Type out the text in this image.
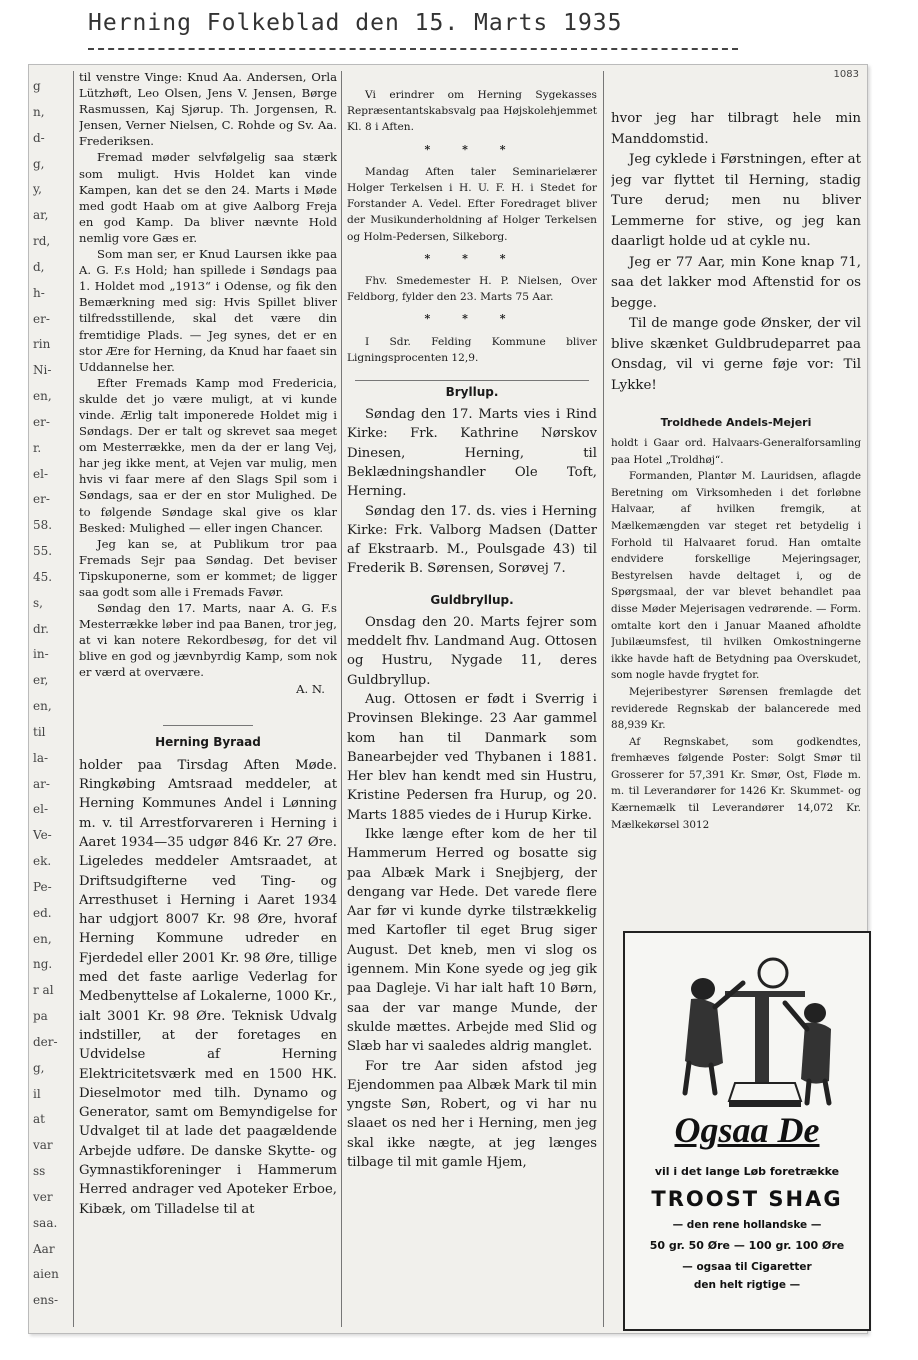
Herning Folkeblad den 15. Marts 1935
g
n,
d-
g,
y,
ar,
rd,
d,
h-
er-
rin
Ni-
en,
er-
r.
el-
er-
58.
55.
45.
s,
dr.
in-
er,
en,
til
la-
ar-
el-
Ve-
ek.
Pe-
ed.
en,
ng.
r al
pa
der-
g,
il
at
var
ss
ver
saa.
Aar
aien
ens-

til venstre Vinge: Knud Aa. Andersen, Orla Lützhøft, Leo Olsen, Jens V. Jensen, Børge Rasmussen, Kaj Sjørup. Th. Jorgensen, R. Jensen, Verner Nielsen, C. Rohde og Sv. Aa. Frederiksen.

Fremad møder selvfølgelig saa stærk som muligt. Hvis Holdet kan vinde Kampen, kan det se den 24. Marts i Møde med godt Haab om at give Aalborg Freja en god Kamp. Da bliver nævnte Hold nemlig vore Gæs er.

Som man ser, er Knud Laursen ikke paa A. G. F.s Hold; han spillede i Søndags paa 1. Holdet mod „1913“ i Odense, og fik den Bemærkning med sig: Hvis Spillet bliver tilfredsstillende, skal det være din fremtidige Plads. — Jeg synes, det er en stor Ære for Herning, da Knud har faaet sin Uddannelse her.

Efter Fremads Kamp mod Fredericia, skulde det jo være muligt, at vi kunde vinde. Ærlig talt imponerede Holdet mig i Søndags. Der er talt og skrevet saa meget om Mesterrække, men da der er lang Vej, har jeg ikke ment, at Vejen var mulig, men hvis vi faar mere af den Slags Spil som i Søndags, saa er der en stor Mulighed. De to følgende Søndage skal give os klar Besked: Mulighed — eller ingen Chancer.

Jeg kan se, at Publikum tror paa Fremads Sejr paa Søndag. Det beviser Tipskuponerne, som er kommet; de ligger saa godt som alle i Fremads Favør.

Søndag den 17. Marts, naar A. G. F.s Mesterrække løber ind paa Banen, tror jeg, at vi kan notere Rekordbesøg, for det vil blive en god og jævnbyrdig Kamp, som nok er værd at overvære.

A. N.
Herning Byraad

holder paa Tirsdag Aften Møde. Ringkøbing Amtsraad meddeler, at Herning Kommunes Andel i Lønning m. v. til Arrestforvareren i Herning i Aaret 1934—35 udgør 846 Kr. 27 Øre. Ligeledes meddeler Amtsraadet, at Driftsudgifterne ved Ting- og Arresthuset i Herning i Aaret 1934 har udgjort 8007 Kr. 98 Øre, hvoraf Herning Kommune udreder en Fjerdedel eller 2001 Kr. 98 Øre, tillige med det faste aarlige Vederlag for Medbenyttelse af Lokalerne, 1000 Kr., ialt 3001 Kr. 98 Øre. Teknisk Udvalg indstiller, at der foretages en Udvidelse af Herning Elektricitetsværk med en 1500 HK. Dieselmotor med tilh. Dynamo og Generator, samt om Bemyndigelse for Udvalget til at lade det paagældende Arbejde udføre. De danske Skytte- og Gymnastikforeninger i Hammerum Herred andrager ved Apoteker Erboe, Kibæk, om Tilladelse til at

Vi erindrer om Herning Sygekasses Repræsentantskabsvalg paa Højskolehjemmet Kl. 8 i Aften.

* * *

Mandag Aften taler Seminarielærer Holger Terkelsen i H. U. F. H. i Stedet for Forstander A. Vedel. Efter Foredraget bliver der Musikunderholdning af Holger Terkelsen og Holm-Pedersen, Silkeborg.

* * *

Fhv. Smedemester H. P. Nielsen, Over Feldborg, fylder den 23. Marts 75 Aar.

* * *

I Sdr. Felding Kommune bliver Ligningsprocenten 12,9.

Bryllup.

Søndag den 17. Marts vies i Rind Kirke: Frk. Kathrine Nørskov Dinesen, Herning, til Beklædningshandler Ole Toft, Herning.

Søndag den 17. ds. vies i Herning Kirke: Frk. Valborg Madsen (Datter af Ekstraarb. M., Poulsgade 43) til Frederik B. Sørensen, Sorøvej 7.

Guldbryllup.

Onsdag den 20. Marts fejrer som meddelt fhv. Landmand Aug. Ottosen og Hustru, Nygade 11, deres Guldbryllup.

Aug. Ottosen er født i Sverrig i Provinsen Blekinge. 23 Aar gammel kom han til Danmark som Banearbejder ved Thybanen i 1881. Her blev han kendt med sin Hustru, Kristine Pedersen fra Hurup, og 20. Marts 1885 viedes de i Hurup Kirke.

Ikke længe efter kom de her til Hammerum Herred og bosatte sig paa Albæk Mark i Snejbjerg, der dengang var Hede. Det varede flere Aar før vi kunde dyrke tilstrækkelig med Kartofler til eget Brug siger August. Det kneb, men vi slog os igennem. Min Kone syede og jeg gik paa Dagleje. Vi har ialt haft 10 Børn, saa der var mange Munde, der skulde mættes. Arbejde med Slid og Slæb har vi saaledes aldrig manglet.

For tre Aar siden afstod jeg Ejendommen paa Albæk Mark til min yngste Søn, Robert, og vi har nu slaaet os ned her i Herning, men jeg skal ikke nægte, at jeg længes tilbage til mit gamle Hjem,

1083

hvor jeg har tilbragt hele min Manddomstid.

Jeg cyklede i Førstningen, efter at jeg var flyttet til Herning, stadig Ture derud; men nu bliver Lemmerne for stive, og jeg kan daarligt holde ud at cykle nu.

Jeg er 77 Aar, min Kone knap 71, saa det lakker mod Aftenstid for os begge.

Til de mange gode Ønsker, der vil blive skænket Guldbrudeparret paa Onsdag, vil vi gerne føje vor: Til Lykke!

Troldhede Andels-Mejeri

holdt i Gaar ord. Halvaars-Generalforsamling paa Hotel „Troldhøj“.

Formanden, Plantør M. Lauridsen, aflagde Beretning om Virksomheden i det forløbne Halvaar, af hvilken fremgik, at Mælkemængden var steget ret betydelig i Forhold til Halvaaret forud. Han omtalte endvidere forskellige Mejeringsager, Bestyrelsen havde deltaget i, og de Spørgsmaal, der var blevet behandlet paa disse Møder Mejerisagen vedrørende. — Form. omtalte kort den i Januar Maaned afholdte Jubilæumsfest, til hvilken Omkostningerne ikke havde haft de Betydning paa Overskudet, som nogle havde frygtet for.

Mejeribestyrer Sørensen fremlagde det reviderede Regnskab der balancerede med 88,939 Kr.

Af Regnskabet, som godkendtes, fremhæves følgende Poster: Solgt Smør til Grosserer for 57,391 Kr. Smør, Ost, Fløde m. m. til Leverandører for 1426 Kr. Skummet- og Kærnemælk til Leverandører 14,072 Kr. Mælkekørsel 3012

Ogsaa De
vil i det lange Løb foretrække
TROOST SHAG
— den rene hollandske —
50 gr. 50 Øre — 100 gr. 100 Øre
— ogsaa til Cigaretter
den helt rigtige —
